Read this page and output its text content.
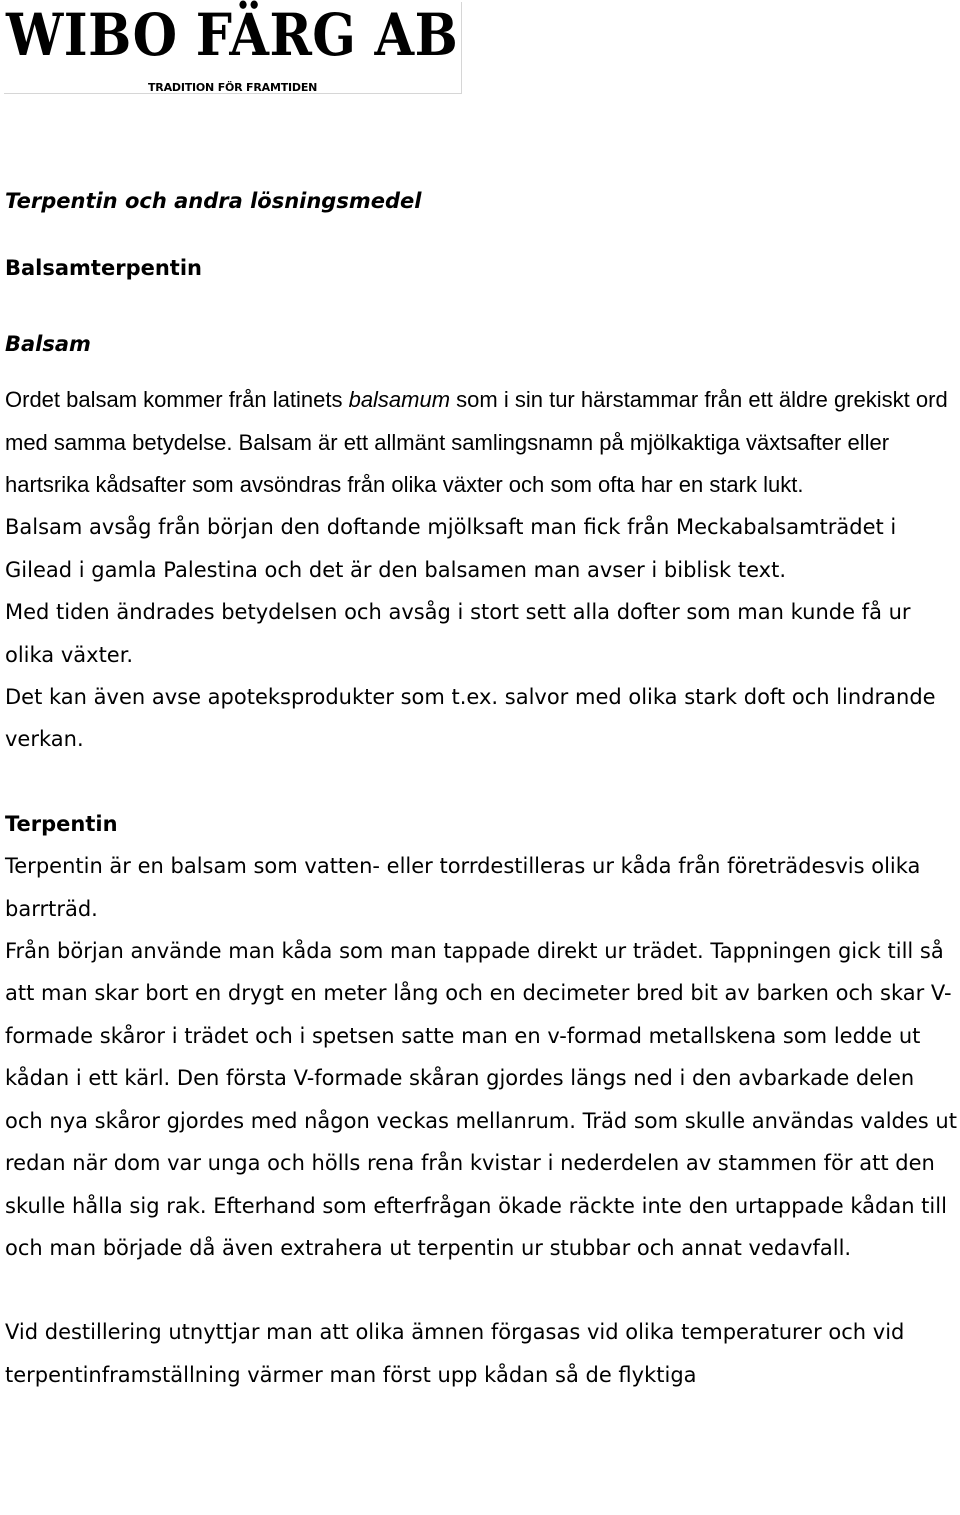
WIBO FÄRG AB
TRADITION FÖR FRAMTIDEN

Terpentin och andra lösningsmedel

Balsamterpentin

Balsam

Ordet balsam kommer från latinets balsamum som i sin tur härstammar från ett äldre grekiskt ord med samma betydelse. Balsam är ett allmänt samlingsnamn på mjölkaktiga växtsafter eller hartsrika kådsafter som avsöndras från olika växter och som ofta har en stark lukt.

Balsam avsåg från början den doftande mjölksaft man fick från Meckabalsamträdet i Gilead i gamla Palestina och det är den balsamen man avser i biblisk text.

Med tiden ändrades betydelsen och avsåg i stort sett alla dofter som man kunde få ur olika växter.

Det kan även avse apoteksprodukter som t.ex. salvor med olika stark doft och lindrande verkan.

Terpentin

Terpentin är en balsam som vatten- eller torrdestilleras ur kåda från företrädesvis olika barrträd.

Från början använde man kåda som man tappade direkt ur trädet. Tappningen gick till så att man skar bort en drygt en meter lång och en decimeter bred bit av barken och skar V-formade skåror i trädet och i spetsen satte man en v-formad metallskena som ledde ut kådan i ett kärl. Den första V-formade skåran gjordes längs ned i den avbarkade delen och nya skåror gjordes med någon veckas mellanrum. Träd som skulle användas valdes ut redan när dom var unga och hölls rena från kvistar i nederdelen av stammen för att den skulle hålla sig rak. Efterhand som efterfrågan ökade räckte inte den urtappade kådan till och man började då även extrahera ut terpentin ur stubbar och annat vedavfall.

Vid destillering utnyttjar man att olika ämnen förgasas vid olika temperaturer och vid terpentinframställning värmer man först upp kådan så de flyktiga
